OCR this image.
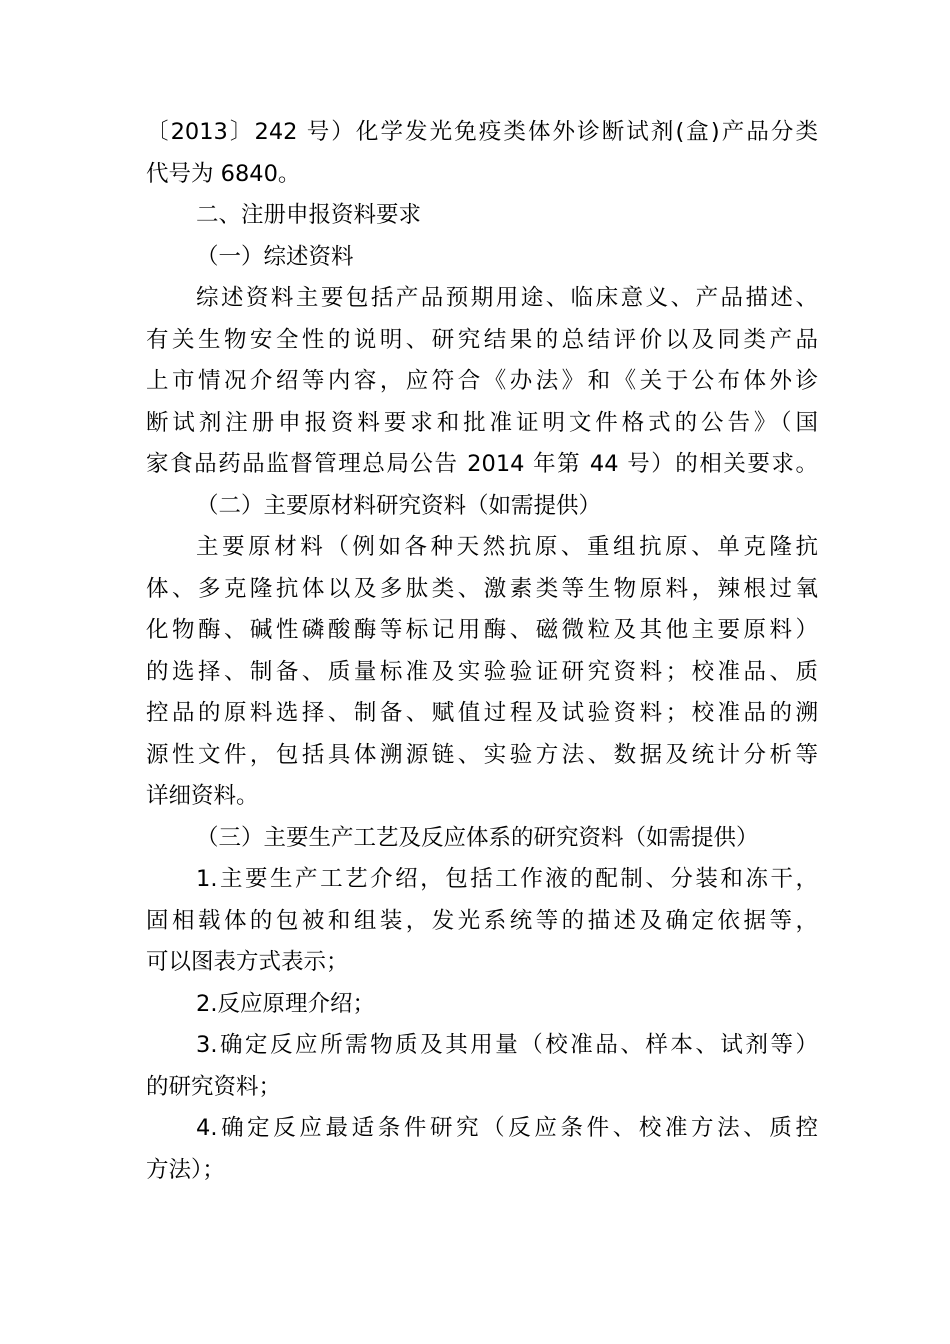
〔2013〕242 号）化学发光免疫类体外诊断试剂(盒)产品分类
代号为 6840。
二、注册申报资料要求
（一）综述资料
综述资料主要包括产品预期用途、临床意义、产品描述、
有关生物安全性的说明、研究结果的总结评价以及同类产品
上市情况介绍等内容，应符合《办法》和《关于公布体外诊
断试剂注册申报资料要求和批准证明文件格式的公告》（国
家食品药品监督管理总局公告 2014 年第 44 号）的相关要求。
（二）主要原材料研究资料（如需提供）
主要原材料（例如各种天然抗原、重组抗原、单克隆抗
体、多克隆抗体以及多肽类、激素类等生物原料，辣根过氧
化物酶、碱性磷酸酶等标记用酶、磁微粒及其他主要原料）
的选择、制备、质量标准及实验验证研究资料；校准品、质
控品的原料选择、制备、赋值过程及试验资料；校准品的溯
源性文件，包括具体溯源链、实验方法、数据及统计分析等
详细资料。
（三）主要生产工艺及反应体系的研究资料（如需提供）
1.主要生产工艺介绍，包括工作液的配制、分装和冻干，
固相载体的包被和组装，发光系统等的描述及确定依据等，
可以图表方式表示；
2.反应原理介绍；
3.确定反应所需物质及其用量（校准品、样本、试剂等）
的研究资料；
4.确定反应最适条件研究（反应条件、校准方法、质控
方法）；
